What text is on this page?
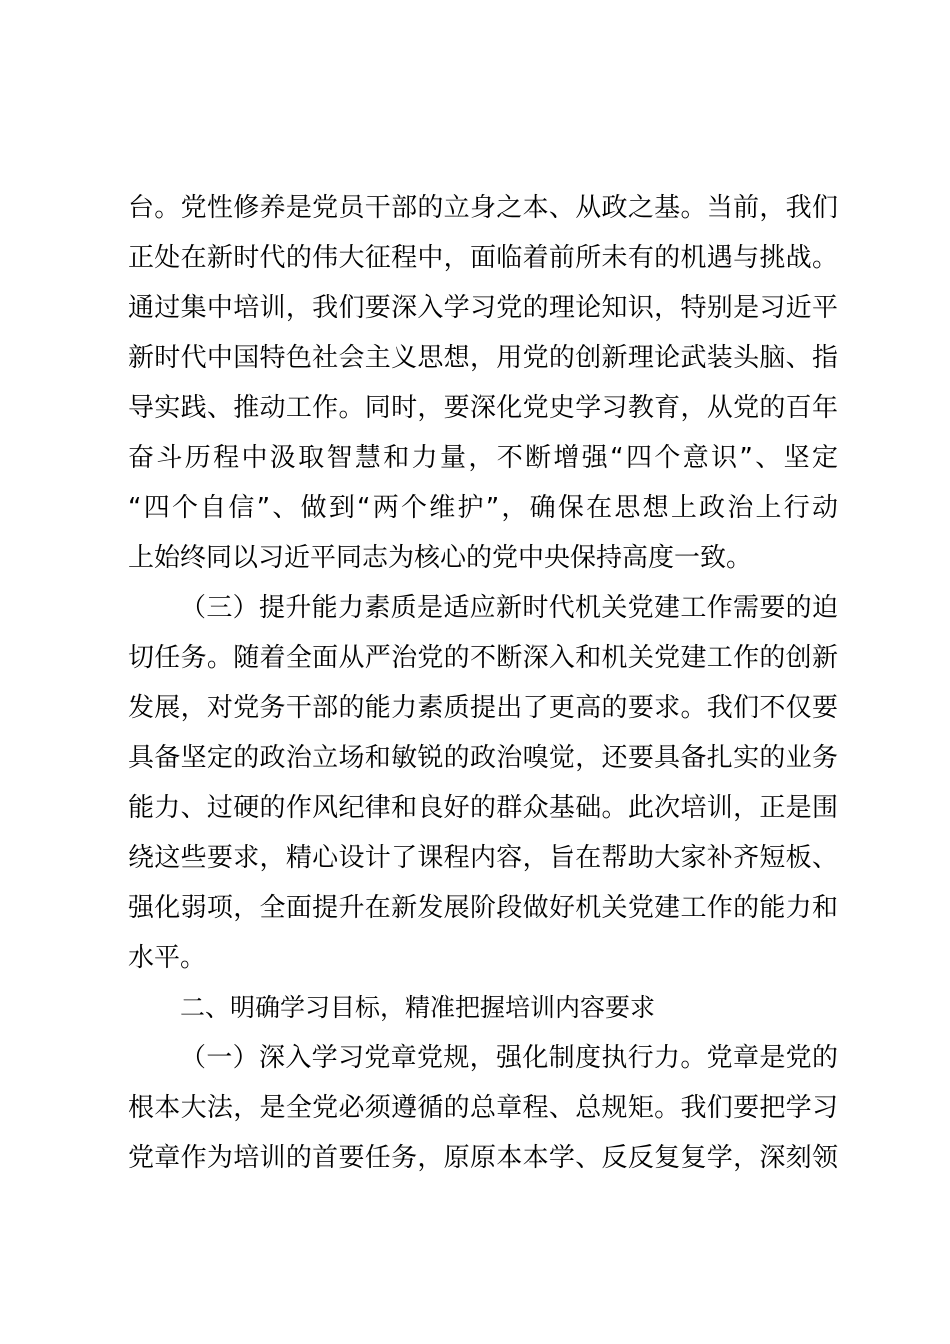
台。党性修养是党员干部的立身之本、从政之基。当前，我们
正处在新时代的伟大征程中，面临着前所未有的机遇与挑战。
通过集中培训，我们要深入学习党的理论知识，特别是习近平
新时代中国特色社会主义思想，用党的创新理论武装头脑、指
导实践、推动工作。同时，要深化党史学习教育，从党的百年
奋斗历程中汲取智慧和力量，不断增强“四个意识”、坚定
“四个自信”、做到“两个维护”，确保在思想上政治上行动
上始终同以习近平同志为核心的党中央保持高度一致。
（三）提升能力素质是适应新时代机关党建工作需要的迫
切任务。随着全面从严治党的不断深入和机关党建工作的创新
发展，对党务干部的能力素质提出了更高的要求。我们不仅要
具备坚定的政治立场和敏锐的政治嗅觉，还要具备扎实的业务
能力、过硬的作风纪律和良好的群众基础。此次培训，正是围
绕这些要求，精心设计了课程内容，旨在帮助大家补齐短板、
强化弱项，全面提升在新发展阶段做好机关党建工作的能力和
水平。
二、明确学习目标，精准把握培训内容要求
（一）深入学习党章党规，强化制度执行力。党章是党的
根本大法，是全党必须遵循的总章程、总规矩。我们要把学习
党章作为培训的首要任务，原原本本学、反反复复学，深刻领
